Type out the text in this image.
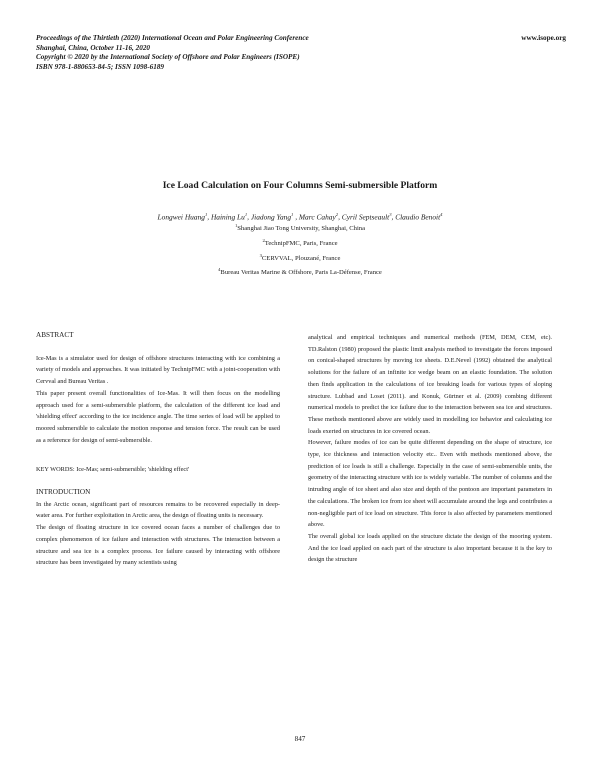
Proceedings of the Thirtieth (2020) International Ocean and Polar Engineering Conference
Shanghai, China, October 11-16, 2020
Copyright © 2020 by the International Society of Offshore and Polar Engineers (ISOPE)
ISBN 978-1-880653-84-5; ISSN 1098-6189
www.isope.org
Ice Load Calculation on Four Columns Semi-submersible Platform
Longwei Huang$^1$, Haining Lu$^1$, Jiadong Yang$^1$ , Marc Cahay$^2$, Cyril Septseault$^3$, Claudio Benoit$^4$
$^1$Shanghai Jiao Tong University, Shanghai, China
$^2$TechnipFMC, Paris, France
$^3$CERVVAL, Plouzané, France
$^4$Bureau Veritas Marine & Offshore, Paris La-Défense, France

ABSTRACT

Ice-Mas is a simulator used for design of offshore structures interacting with ice combining a variety of models and approaches. It was initiated by TechnipFMC with a joint-cooperation with Cervval and Bureau Veritas .

This paper present overall functionalities of Ice-Mas. It will then focus on the modelling approach used for a semi-submersible platform, the calculation of the different ice load and 'shielding effect' according to the ice incidence angle. The time series of load will be applied to moored submersible to calculate the motion response and tension force. The result can be used as a reference for design of semi-submersible.

KEY WORDS: Ice-Mas; semi-submersible; 'shielding effect'

INTRODUCTION

In the Arctic ocean, significant part of resources remains to be recovered especially in deep-water area. For further exploitation in Arctic area, the design of floating units is necessary.

The design of floating structure in ice covered ocean faces a number of challenges due to complex phenomenon of ice failure and interaction with structures. The interaction between a structure and sea ice is a complex process. Ice failure caused by interacting with offshore structure has been investigated by many scientists using

analytical and empirical techniques and numerical methods (FEM, DEM, CEM, etc). TD.Ralston (1980) proposed the plastic limit analysis method to investigate the forces imposed on conical-shaped structures by moving ice sheets. D.E.Nevel (1992) obtained the analytical solutions for the failure of an infinite ice wedge beam on an elastic foundation. The solution then finds application in the calculations of ice breaking loads for various types of sloping structure. Lubbad and Loset (2011). and Konuk, Gürtner et al. (2009) combing different numerical models to predict the ice failure due to the interaction between sea ice and structures. These methods mentioned above are widely used in modelling ice behavior and calculating ice loads exerted on structures in ice covered ocean.

However, failure modes of ice can be quite different depending on the shape of structure, ice type, ice thickness and interaction velocity etc.. Even with methods mentioned above, the prediction of ice loads is still a challenge. Especially in the case of semi-submersible units, the geometry of the interacting structure with ice is widely variable. The number of columns and the intruding angle of ice sheet and also size and depth of the pontoon are important parameters in the calculations. The broken ice from ice sheet will accumulate around the legs and contributes a non-negligible part of ice load on structure. This force is also affected by parameters mentioned above.

The overall global ice loads applied on the structure dictate the design of the mooring system. And the ice load applied on each part of the structure is also important because it is the key to design the structure

847
